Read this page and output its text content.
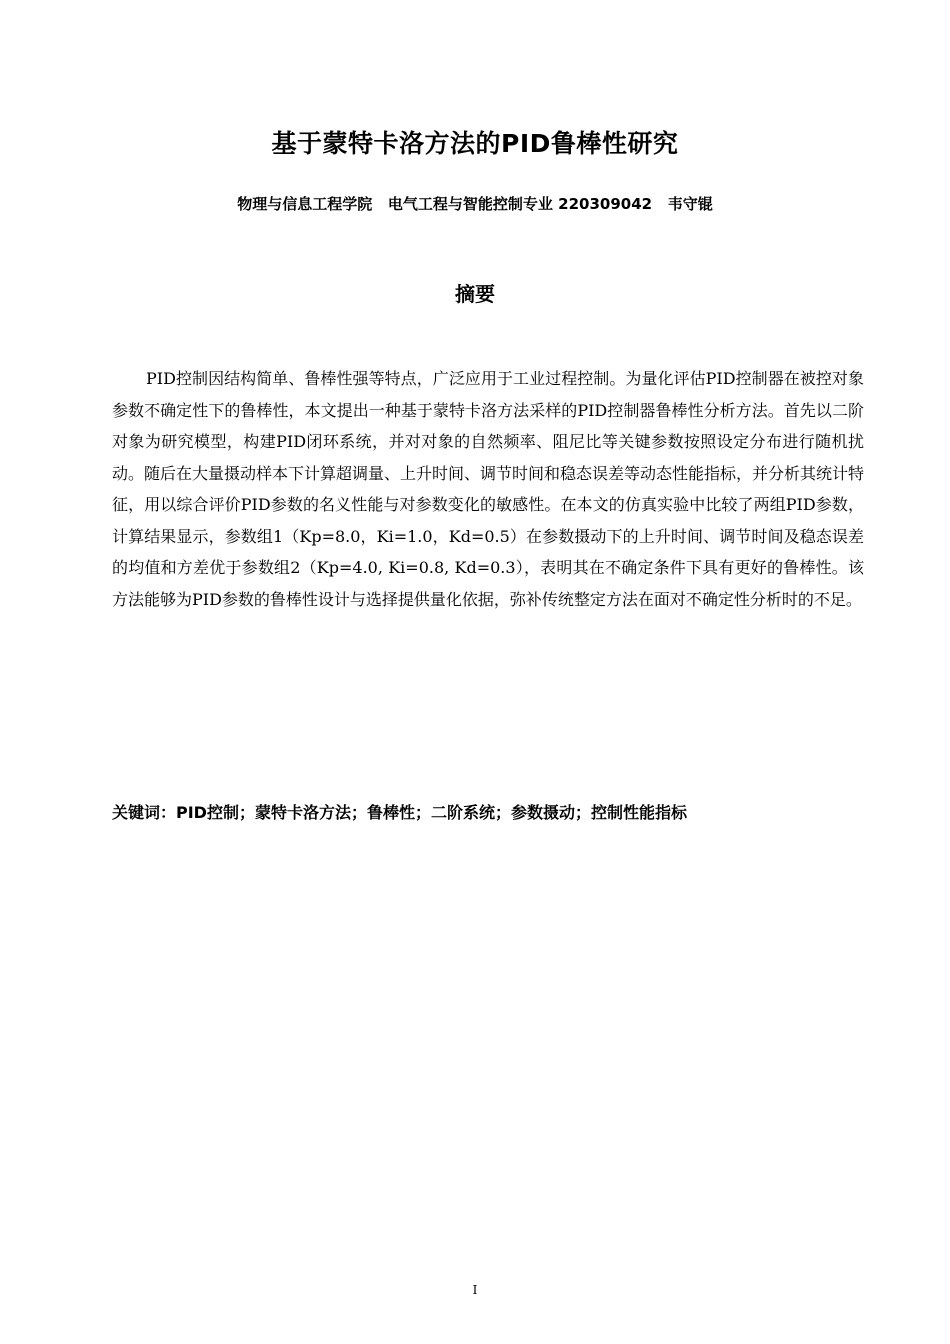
基于蒙特卡洛方法的PID鲁棒性研究
物理与信息工程学院 电气工程与智能控制专业 220309042 韦守锟
摘要

PID控制因结构简单、鲁棒性强等特点，广泛应用于工业过程控制。为量化评估PID控制器在被控对象参数不确定性下的鲁棒性，本文提出一种基于蒙特卡洛方法采样的PID控制器鲁棒性分析方法。首先以二阶对象为研究模型，构建PID闭环系统，并对对象的自然频率、阻尼比等关键参数按照设定分布进行随机扰动。随后在大量摄动样本下计算超调量、上升时间、调节时间和稳态误差等动态性能指标，并分析其统计特征，用以综合评价PID参数的名义性能与对参数变化的敏感性。在本文的仿真实验中比较了两组PID参数，计算结果显示，参数组1（Kp=8.0，Ki=1.0，Kd=0.5）在参数摄动下的上升时间、调节时间及稳态误差的均值和方差优于参数组2（Kp=4.0, Ki=0.8, Kd=0.3），表明其在不确定条件下具有更好的鲁棒性。该方法能够为PID参数的鲁棒性设计与选择提供量化依据，弥补传统整定方法在面对不确定性分析时的不足。

关键词：PID控制；蒙特卡洛方法；鲁棒性；二阶系统；参数摄动；控制性能指标
I
